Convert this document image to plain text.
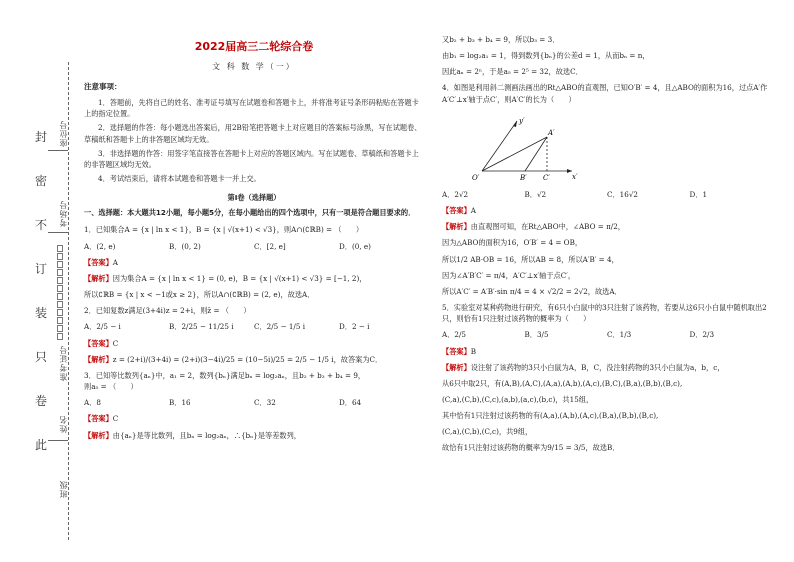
封
密
不
订
装
只
卷
此
座位号
考场号
准考证号
姓名
班级
2022届高三二轮综合卷
文 科 数 学（一）
注意事项：

1．答题前，先将自己的姓名、准考证号填写在试题卷和答题卡上，并将准考证号条形码粘贴在答题卡上的指定位置。

2．选择题的作答：每小题选出答案后，用2B铅笔把答题卡上对应题目的答案标号涂黑，写在试题卷、草稿纸和答题卡上的非答题区域均无效。

3．非选择题的作答：用签字笔直接答在答题卡上对应的答题区域内。写在试题卷、草稿纸和答题卡上的非答题区域均无效。

4．考试结束后，请将本试题卷和答题卡一并上交。

第Ⅰ卷（选择题）
一、选择题：本大题共12小题，每小题5分，在每小题给出的四个选项中，只有一项是符合题目要求的．

1．已知集合A = {x | ln x < 1}，B = {x | √(x+1) < √3}，则A∩(∁ℝB) = （　　）

A．(2, e)	B．(0, 2)	C．[2, e]	D．(0, e)

【答案】A

【解析】因为集合A = {x | ln x < 1} = (0, e)，B = {x | √(x+1) < √3} = [−1, 2)，

所以∁ℝB = {x | x < −1或x ≥ 2}，所以A∩(∁ℝB) = (2, e)，故选A．

2．已知复数z满足(3+4i)z = 2+i，则z̄ = （　　）

A．2/5 − i	B．2/25 − 11/25 i	C．2/5 − 1/5 i	D．2 − i

【答案】C

【解析】z = (2+i)/(3+4i) = (2+i)(3−4i)/25 = (10−5i)/25 = 2/5 − 1/5 i，故答案为C．

3．已知等比数列{aₙ}中，a₁ = 2，数列{bₙ}满足bₙ = log₂aₙ，且b₂ + b₃ + b₄ = 9，

则a₅ = （　　）

A．8	B．16	C．32	D．64

【答案】C

【解析】由{aₙ}是等比数列，且bₙ = log₂aₙ，∴{bₙ}是等差数列，

又b₂ + b₃ + b₄ = 9，所以b₃ = 3．

由b₁ = log₂a₁ = 1，得到数列{bₙ}的公差d = 1，从而bₙ = n，

因此aₙ = 2ⁿ，于是a₅ = 2⁵ = 32，故选C．

4．如图是利用斜二测画法画出的Rt△ABO的直观图，已知O′B′ = 4，且△ABO的面积为16，过点A′作A′C′⊥x′轴于点C′，则A′C′的长为（　　）

y′
A′
O′	B′ C′	x′
A．2√2	B．√2	C．16√2	D．1

【答案】A

【解析】由直观图可知，在Rt△ABO中，∠ABO = π/2，

因为△ABO的面积为16，O′B′ = 4 = OB，

所以1/2 AB·OB = 16，所以AB = 8，所以A′B′ = 4，

因为∠A′B′C′ = π/4，A′C′⊥x′轴于点C′，

所以A′C′ = A′B′·sin π/4 = 4 × √2/2 = 2√2，故选A．

5．实验室对某种药物进行研究，有6只小白鼠中的3只注射了该药物，若要从这6只小白鼠中随机取出2只，则恰有1只注射过该药物的概率为（　　）

A．2/5	B．3/5	C．1/3	D．2/3

【答案】B

【解析】设注射了该药物的3只小白鼠为A，B，C，没注射药物的3只小白鼠为a，b，c，

从6只中取2只，有(A,B),(A,C),(A,a),(A,b),(A,c),(B,C),(B,a),(B,b),(B,c),

(C,a),(C,b),(C,c),(a,b),(a,c),(b,c)，共15组，

其中恰有1只注射过该药物的有(A,a),(A,b),(A,c),(B,a),(B,b),(B,c),

(C,a),(C,b),(C,c)，共9组，

故恰有1只注射过该药物的概率为9/15 = 3/5，故选B．
